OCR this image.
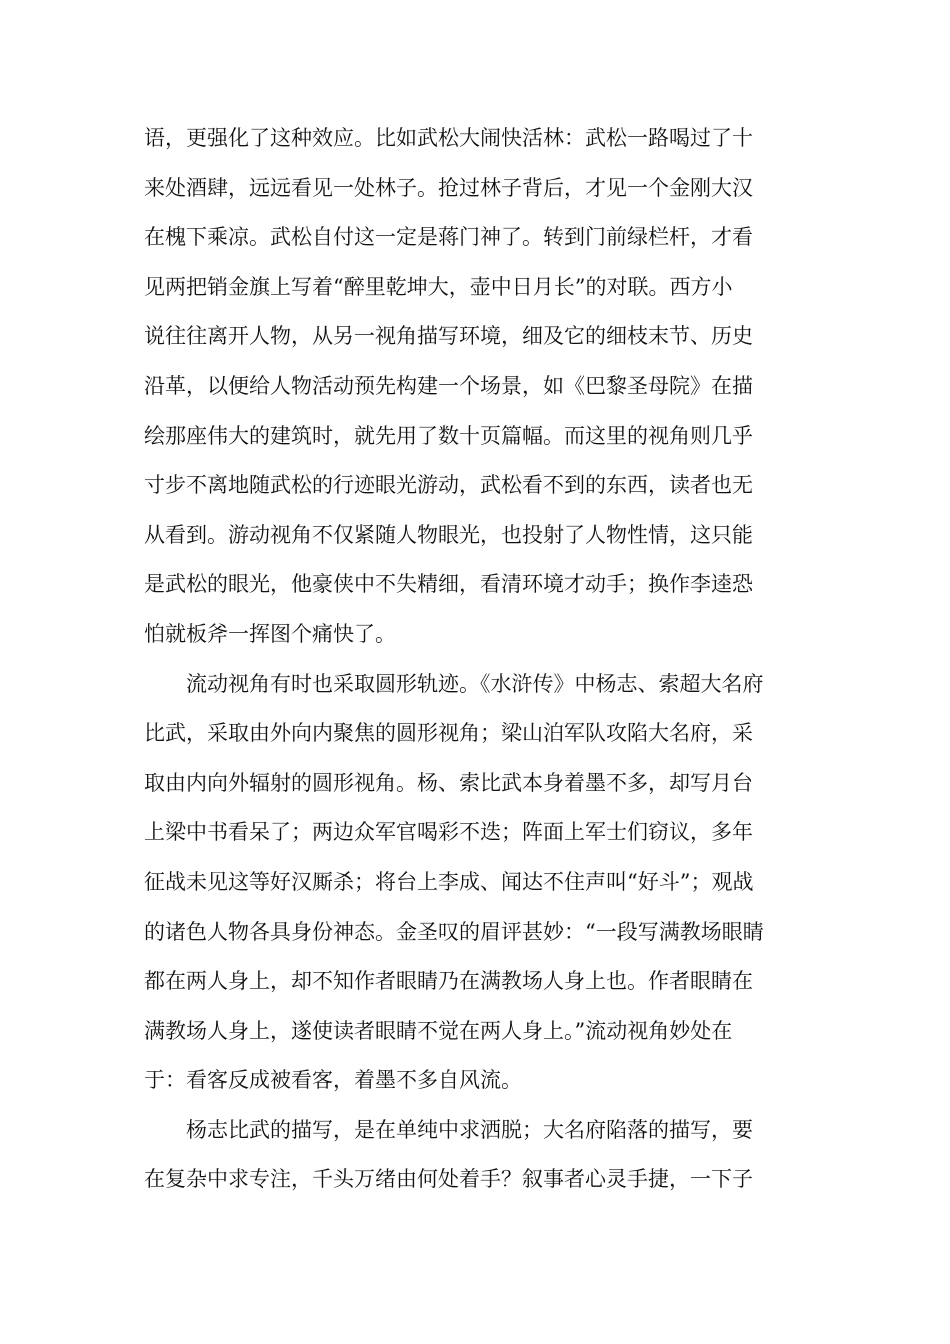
语，更强化了这种效应。比如武松大闹快活林：武松一路喝过了十
来处酒肆，远远看见一处林子。抢过林子背后，才见一个金刚大汉
在槐下乘凉。武松自付这一定是蒋门神了。转到门前绿栏杆，才看
见两把销金旗上写着“醉里乾坤大，壶中日月长”的对联。西方小
说往往离开人物，从另一视角描写环境，细及它的细枝末节、历史
沿革，以便给人物活动预先构建一个场景，如《巴黎圣母院》在描
绘那座伟大的建筑时，就先用了数十页篇幅。而这里的视角则几乎
寸步不离地随武松的行迹眼光游动，武松看不到的东西，读者也无
从看到。游动视角不仅紧随人物眼光，也投射了人物性情，这只能
是武松的眼光，他豪侠中不失精细，看清环境才动手；换作李逵恐
怕就板斧一挥图个痛快了。
流动视角有时也采取圆形轨迹。《水浒传》中杨志、索超大名府
比武，采取由外向内聚焦的圆形视角；梁山泊军队攻陷大名府，采
取由内向外辐射的圆形视角。杨、索比武本身着墨不多，却写月台
上梁中书看呆了；两边众军官喝彩不迭；阵面上军士们窃议，多年
征战未见这等好汉厮杀；将台上李成、闻达不住声叫“好斗”；观战
的诸色人物各具身份神态。金圣叹的眉评甚妙：“一段写满教场眼睛
都在两人身上，却不知作者眼睛乃在满教场人身上也。作者眼睛在
满教场人身上，遂使读者眼睛不觉在两人身上。”流动视角妙处在
于：看客反成被看客，着墨不多自风流。
杨志比武的描写，是在单纯中求洒脱；大名府陷落的描写，要
在复杂中求专注，千头万绪由何处着手？叙事者心灵手捷，一下子
